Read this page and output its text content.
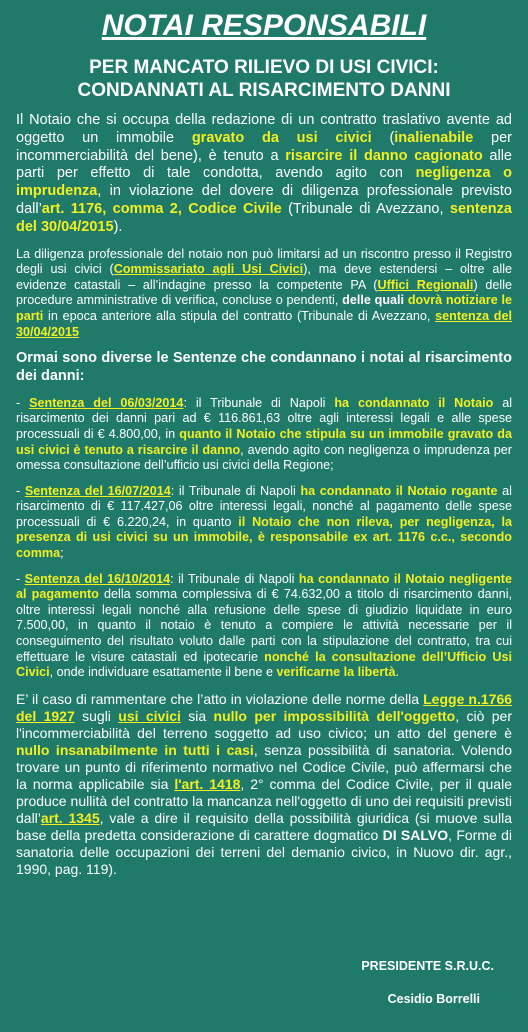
NOTAI RESPONSABILI
PER MANCATO RILIEVO DI USI CIVICI:
CONDANNATI AL RISARCIMENTO DANNI

Il Notaio che si occupa della redazione di un contratto traslativo avente ad oggetto un immobile gravato da usi civici (inalienabile per incommerciabilità del bene), è tenuto a risarcire il danno cagionato alle parti per effetto di tale condotta, avendo agito con negligenza o imprudenza, in violazione del dovere di diligenza professionale previsto dall’art. 1176, comma 2, Codice Civile (Tribunale di Avezzano, sentenza del 30/04/2015).

La diligenza professionale del notaio non può limitarsi ad un riscontro presso il Registro degli usi civici (Commissariato agli Usi Civici), ma deve estendersi – oltre alle evidenze catastali – all’indagine presso la competente PA (Uffici Regionali) delle procedure amministrative di verifica, concluse o pendenti, delle quali dovrà notiziare le parti in epoca anteriore alla stipula del contratto (Tribunale di Avezzano, sentenza del 30/04/2015

Ormai sono diverse le Sentenze che condannano i notai al risarcimento dei danni:

- Sentenza del 06/03/2014: il Tribunale di Napoli ha condannato il Notaio al risarcimento dei danni pari ad € 116.861,63 oltre agli interessi legali e alle spese processuali di € 4.800,00, in quanto il Notaio che stipula su un immobile gravato da usi civici è tenuto a risarcire il danno, avendo agito con negligenza o imprudenza per omessa consultazione dell’ufficio usi civici della Regione;

- Sentenza del 16/07/2014: il Tribunale di Napoli ha condannato il Notaio rogante al risarcimento di € 117.427,06 oltre interessi legali, nonché al pagamento delle spese processuali di € 6.220,24, in quanto il Notaio che non rileva, per negligenza, la presenza di usi civici su un immobile, è responsabile ex art. 1176 c.c., secondo comma;

- Sentenza del 16/10/2014: il Tribunale di Napoli ha condannato il Notaio negligente al pagamento della somma complessiva di € 74.632,00 a titolo di risarcimento danni, oltre interessi legali nonché alla refusione delle spese di giudizio liquidate in euro 7.500,00, in quanto il notaio è tenuto a compiere le attività necessarie per il conseguimento del risultato voluto dalle parti con la stipulazione del contratto, tra cui effettuare le visure catastali ed ipotecarie nonché la consultazione dell’Ufficio Usi Civici, onde individuare esattamente il bene e verificarne la libertà.

E’ il caso di rammentare che l’atto in violazione delle norme della Legge n.1766 del 1927 sugli usi civici sia nullo per impossibilità dell'oggetto, ciò per l'incommerciabilità del terreno soggetto ad uso civico; un atto del genere è nullo insanabilmente in tutti i casi, senza possibilità di sanatoria. Volendo trovare un punto di riferimento normativo nel Codice Civile, può affermarsi che la norma applicabile sia l'art. 1418, 2° comma del Codice Civile, per il quale produce nullità del contratto la mancanza nell'oggetto di uno dei requisiti previsti dall’art. 1345, vale a dire il requisito della possibilità giuridica (si muove sulla base della predetta considerazione di carattere dogmatico DI SALVO, Forme di sanatoria delle occupazioni dei terreni del demanio civico, in Nuovo dir. agr., 1990, pag. 119).

PRESIDENTE S.R.U.C.
Cesidio Borrelli
